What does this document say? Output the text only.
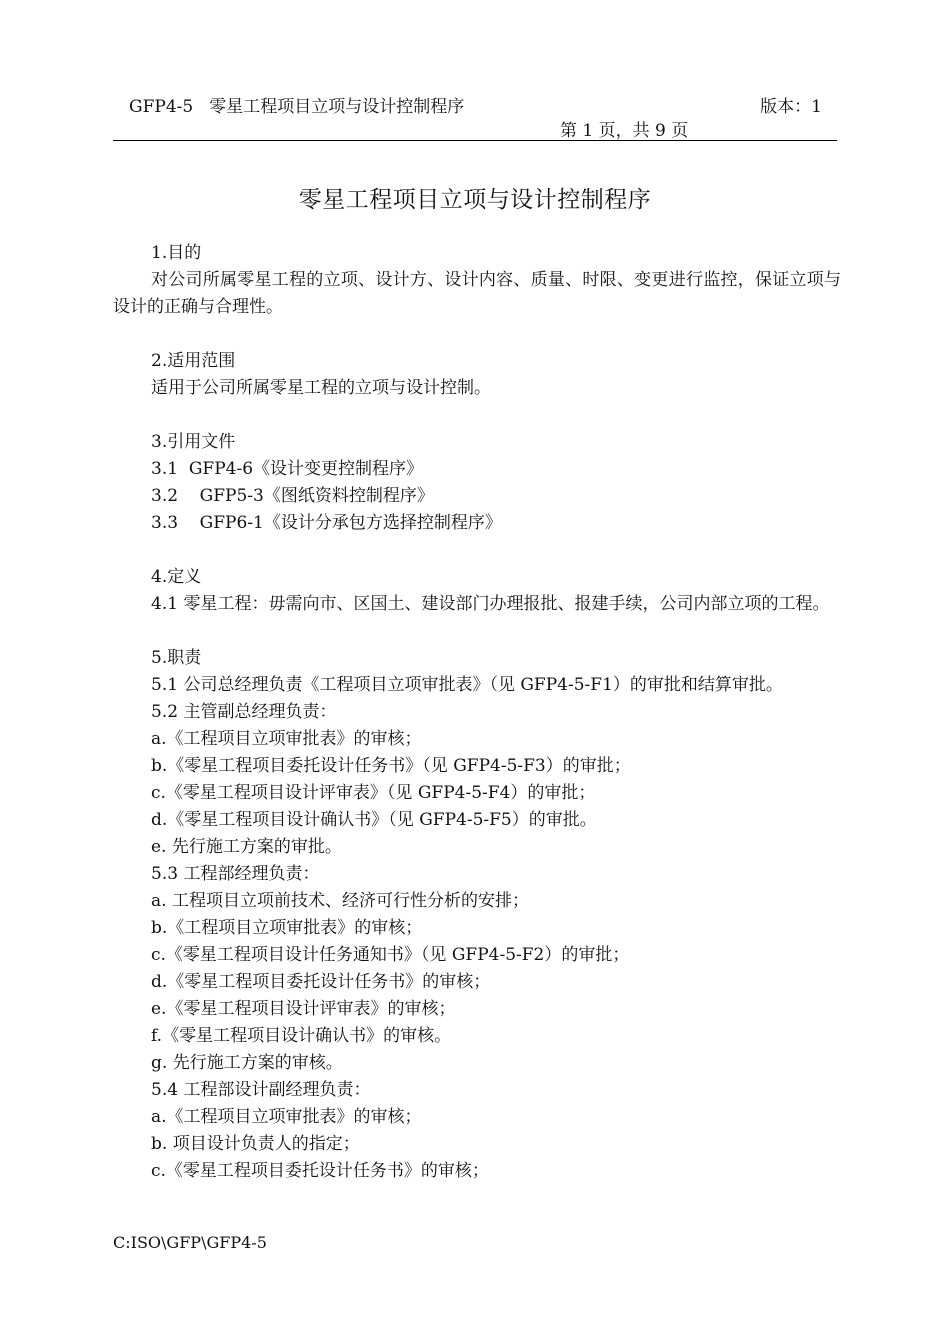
GFP4-5 零星工程项目立项与设计控制程序	版本：1
第 1 页，共 9 页
零星工程项目立项与设计控制程序

1.目的

对公司所属零星工程的立项、设计方、设计内容、质量、时限、变更进行监控，保证立项与设计的正确与合理性。

2.适用范围

适用于公司所属零星工程的立项与设计控制。

3.引用文件

3.1  GFP4-6《设计变更控制程序》

3.2    GFP5-3《图纸资料控制程序》

3.3    GFP6-1《设计分承包方选择控制程序》

4.定义

4.1 零星工程：毋需向市、区国土、建设部门办理报批、报建手续，公司内部立项的工程。

5.职责

5.1 公司总经理负责《工程项目立项审批表》（见 GFP4-5-F1）的审批和结算审批。

5.2 主管副总经理负责：

a.《工程项目立项审批表》的审核；

b.《零星工程项目委托设计任务书》（见 GFP4-5-F3）的审批；

c.《零星工程项目设计评审表》（见 GFP4-5-F4）的审批；

d.《零星工程项目设计确认书》（见 GFP4-5-F5）的审批。

e. 先行施工方案的审批。

5.3 工程部经理负责：

a. 工程项目立项前技术、经济可行性分析的安排；

b.《工程项目立项审批表》的审核；

c.《零星工程项目设计任务通知书》（见 GFP4-5-F2）的审批；

d.《零星工程项目委托设计任务书》的审核；

e.《零星工程项目设计评审表》的审核；

f.《零星工程项目设计确认书》的审核。

g. 先行施工方案的审核。

5.4 工程部设计副经理负责：

a.《工程项目立项审批表》的审核；

b. 项目设计负责人的指定；

c.《零星工程项目委托设计任务书》的审核；

C:ISO\GFP\GFP4-5
